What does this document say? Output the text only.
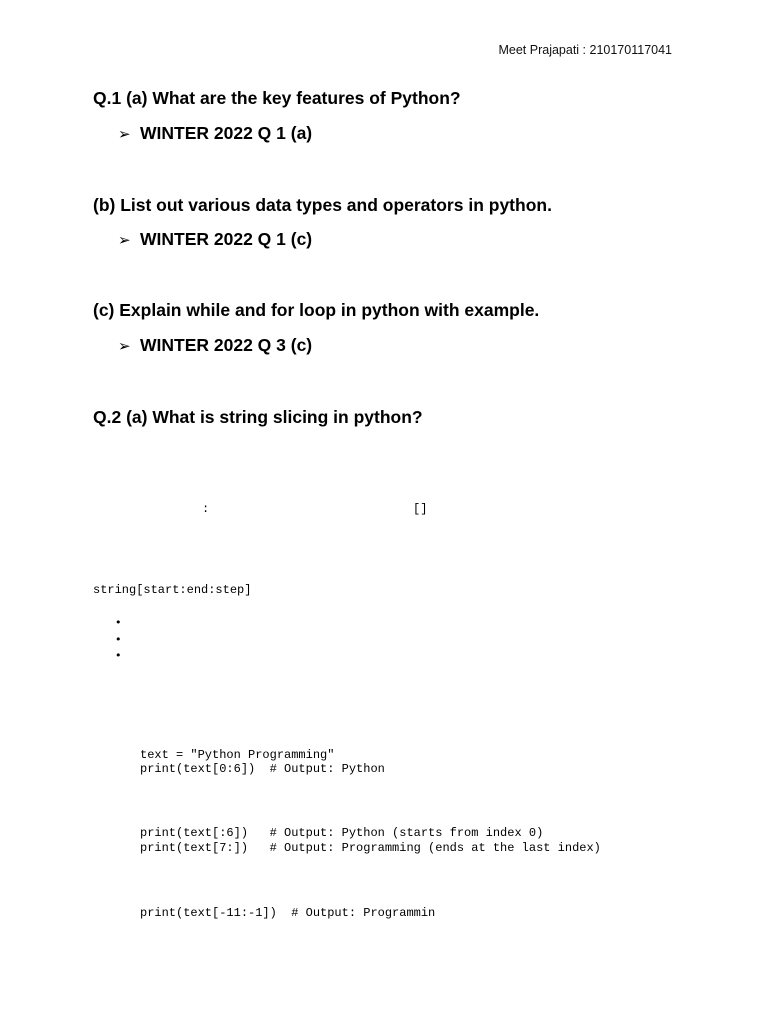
Meet Prajapati : 210170117041
Q.1 (a) What are the key features of Python?
➢ WINTER 2022 Q 1 (a)
(b) List out various data types and operators in python.
➢ WINTER 2022 Q 1 (c)
(c) Explain while and for loop in python with example.
➢ WINTER 2022 Q 3 (c)
Q.2 (a) What is string slicing in python?
:	[]
string[start:end:step]
•
•
•
text = "Python Programming"
print(text[0:6])  # Output: Python
print(text[:6])   # Output: Python (starts from index 0)
print(text[7:])   # Output: Programming (ends at the last index)
print(text[-11:-1])  # Output: Programmin
